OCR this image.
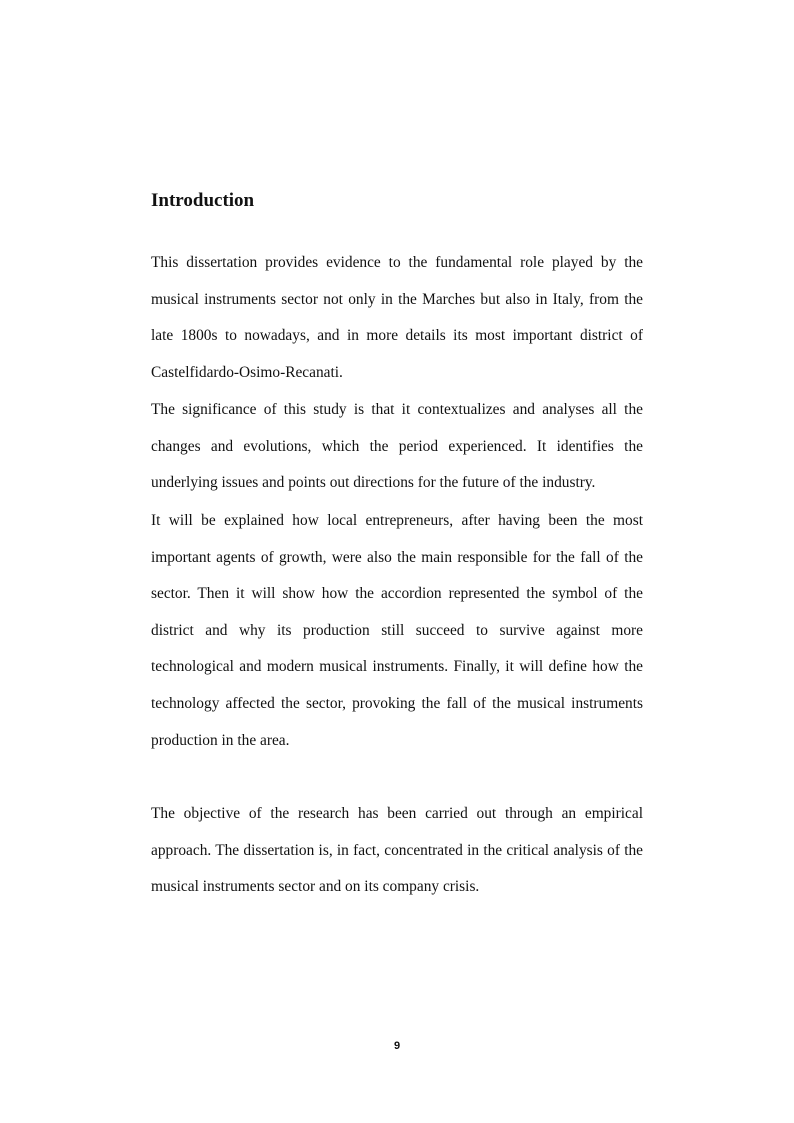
Introduction

This dissertation provides evidence to the fundamental role played by the musical instruments sector not only in the Marches but also in Italy, from the late 1800s to nowadays, and in more details its most important district of Castelfidardo-Osimo-Recanati.

The significance of this study is that it contextualizes and analyses all the changes and evolutions, which the period experienced. It identifies the underlying issues and points out directions for the future of the industry.

It will be explained how local entrepreneurs, after having been the most important agents of growth, were also the main responsible for the fall of the sector. Then it will show how the accordion represented the symbol of the district and why its production still succeed to survive against more technological and modern musical instruments. Finally, it will define how the technology affected the sector, provoking the fall of the musical instruments production in the area.

The objective of the research has been carried out through an empirical approach. The dissertation is, in fact, concentrated in the critical analysis of the musical instruments sector and on its company crisis.

9
